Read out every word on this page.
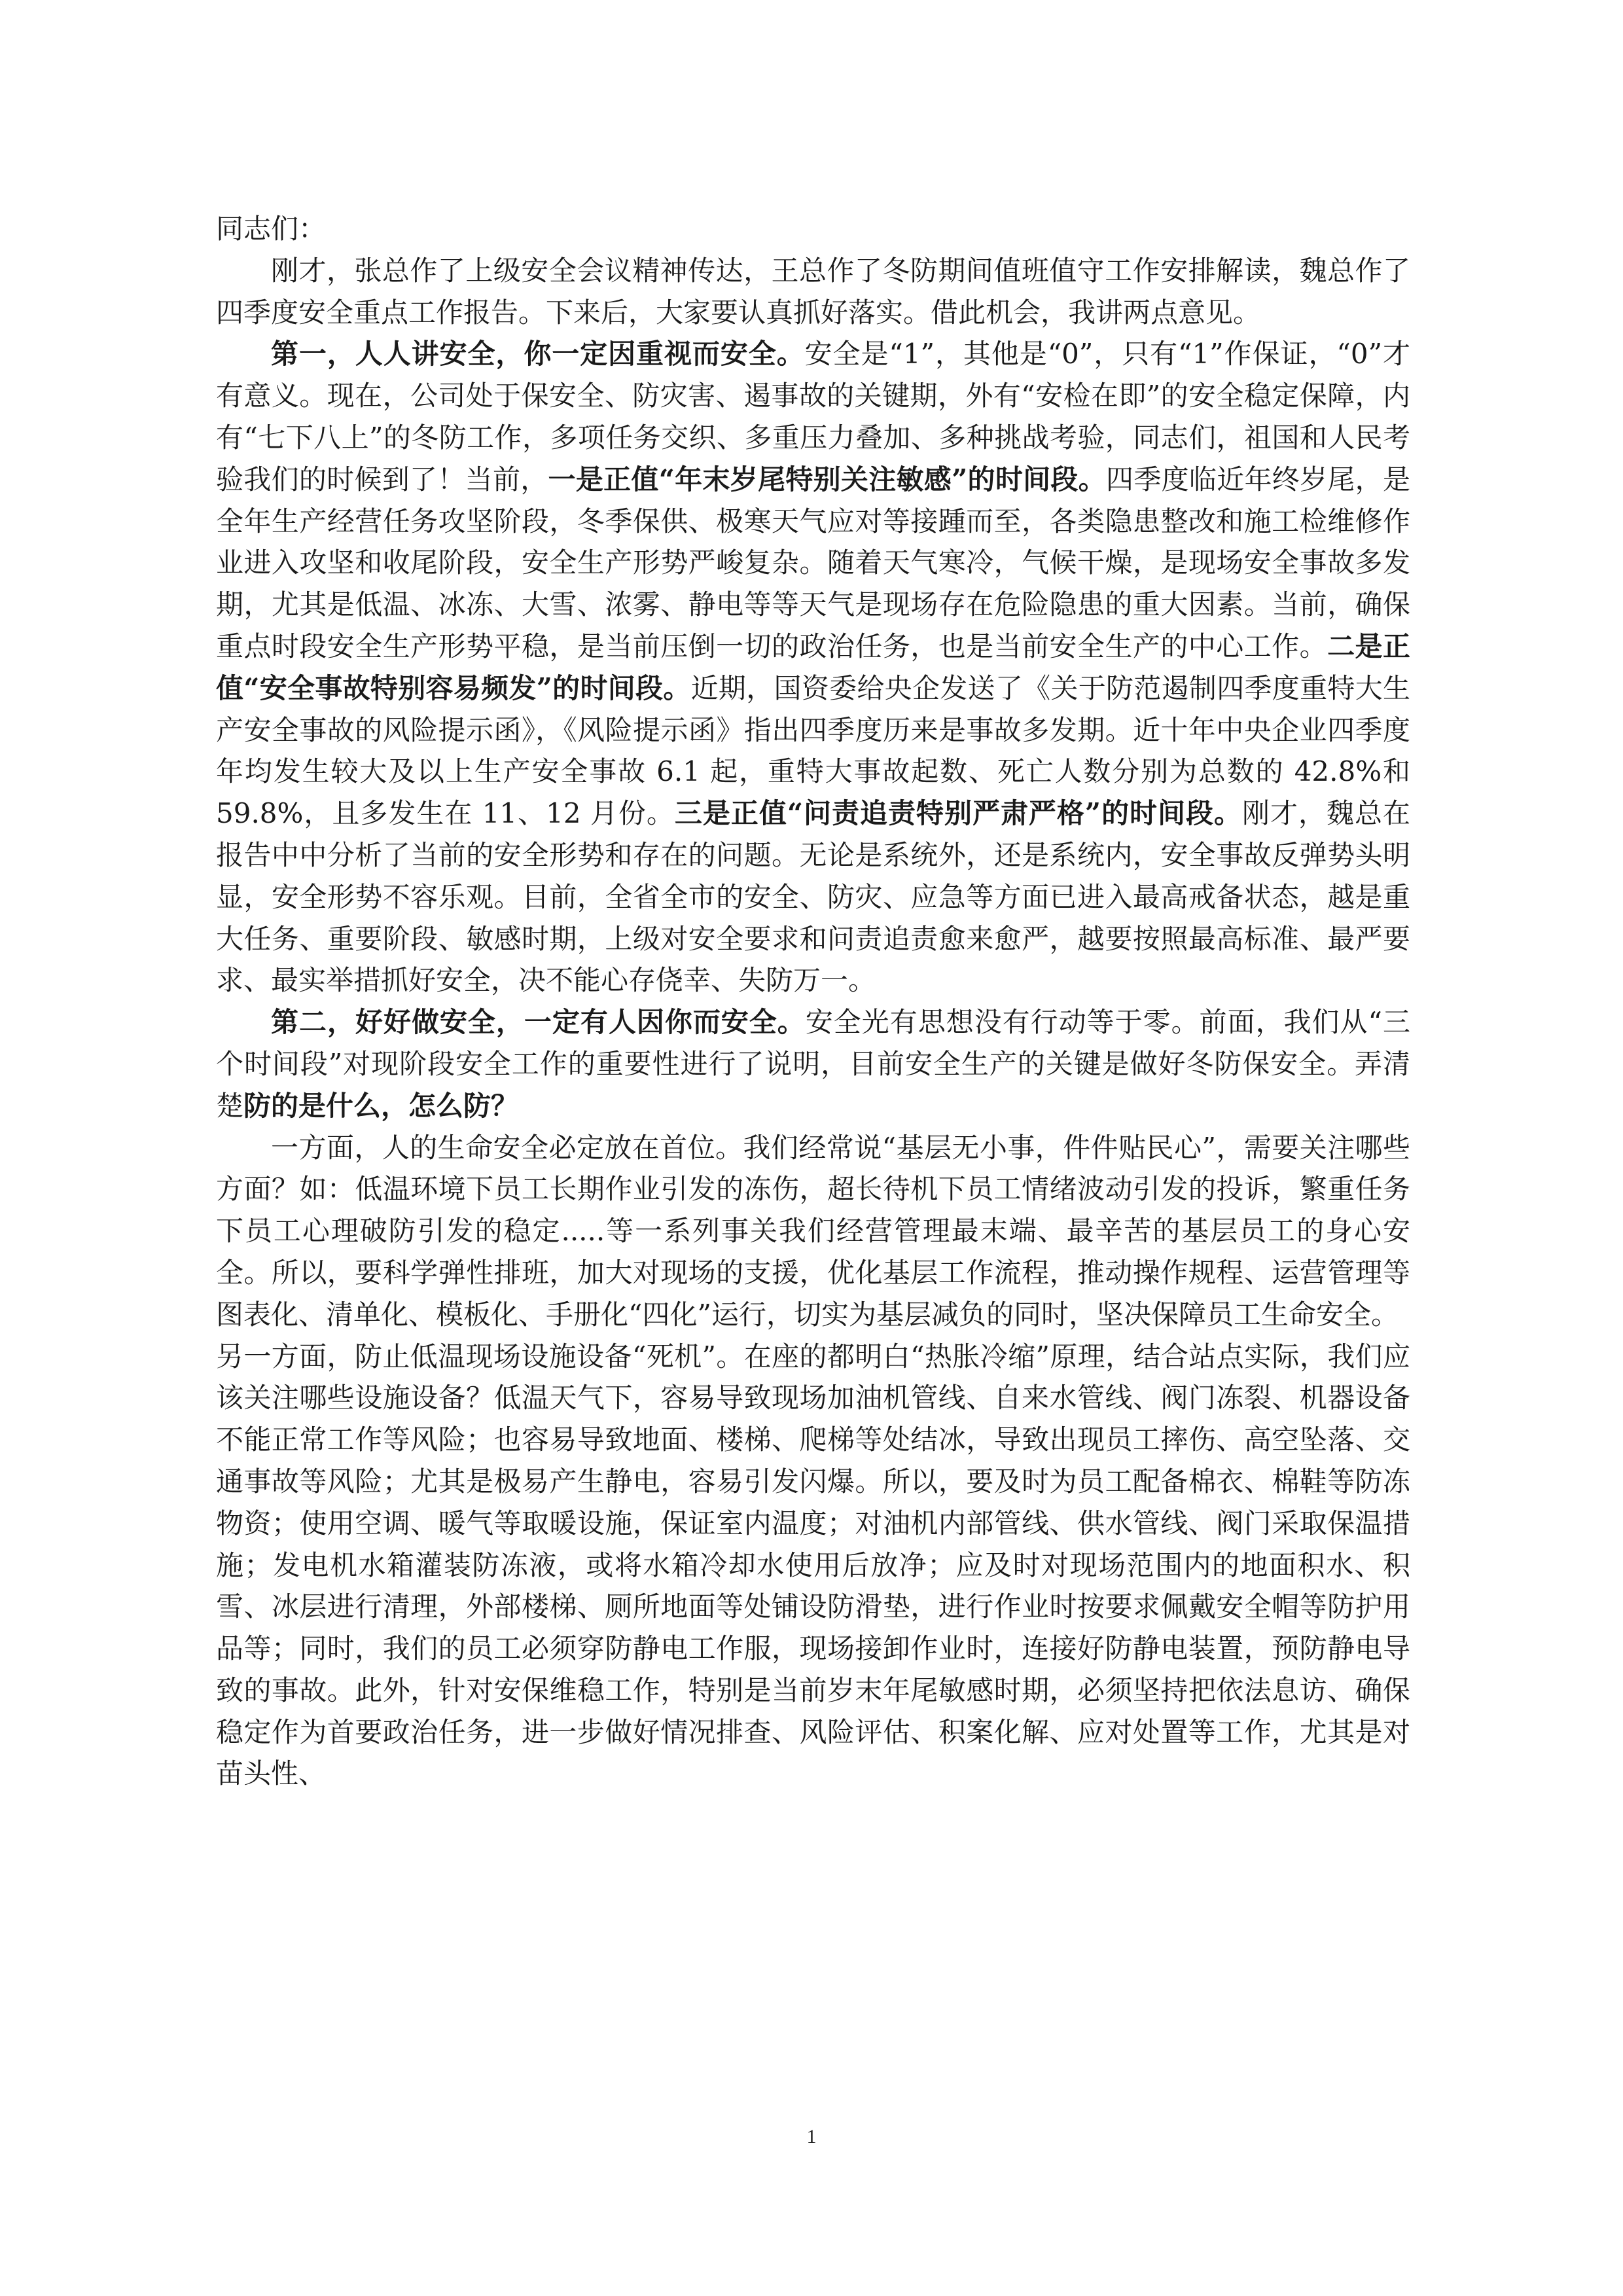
同志们：

刚才，张总作了上级安全会议精神传达，王总作了冬防期间值班值守工作安排解读，魏总作了四季度安全重点工作报告。下来后，大家要认真抓好落实。借此机会，我讲两点意见。

第一，人人讲安全，你一定因重视而安全。安全是“1”，其他是“0”，只有“1”作保证，“0”才有意义。现在，公司处于保安全、防灾害、遏事故的关键期，外有“安检在即”的安全稳定保障，内有“七下八上”的冬防工作，多项任务交织、多重压力叠加、多种挑战考验，同志们，祖国和人民考验我们的时候到了！当前，一是正值“年末岁尾特别关注敏感”的时间段。四季度临近年终岁尾，是全年生产经营任务攻坚阶段，冬季保供、极寒天气应对等接踵而至，各类隐患整改和施工检维修作业进入攻坚和收尾阶段，安全生产形势严峻复杂。随着天气寒冷，气候干燥，是现场安全事故多发期，尤其是低温、冰冻、大雪、浓雾、静电等等天气是现场存在危险隐患的重大因素。当前，确保重点时段安全生产形势平稳，是当前压倒一切的政治任务，也是当前安全生产的中心工作。二是正值“安全事故特别容易频发”的时间段。近期，国资委给央企发送了《关于防范遏制四季度重特大生产安全事故的风险提示函》，《风险提示函》指出四季度历来是事故多发期。近十年中央企业四季度年均发生较大及以上生产安全事故 6.1 起，重特大事故起数、死亡人数分别为总数的 42.8%和 59.8%，且多发生在 11、12 月份。三是正值“问责追责特别严肃严格”的时间段。刚才，魏总在报告中中分析了当前的安全形势和存在的问题。无论是系统外，还是系统内，安全事故反弹势头明显，安全形势不容乐观。目前，全省全市的安全、防灾、应急等方面已进入最高戒备状态，越是重大任务、重要阶段、敏感时期，上级对安全要求和问责追责愈来愈严，越要按照最高标准、最严要求、最实举措抓好安全，决不能心存侥幸、失防万一。

第二，好好做安全，一定有人因你而安全。安全光有思想没有行动等于零。前面，我们从“三个时间段”对现阶段安全工作的重要性进行了说明，目前安全生产的关键是做好冬防保安全。弄清楚防的是什么，怎么防？

一方面，人的生命安全必定放在首位。我们经常说“基层无小事，件件贴民心”，需要关注哪些方面？如：低温环境下员工长期作业引发的冻伤，超长待机下员工情绪波动引发的投诉，繁重任务下员工心理破防引发的稳定.....等一系列事关我们经营管理最末端、最辛苦的基层员工的身心安全。所以，要科学弹性排班，加大对现场的支援，优化基层工作流程，推动操作规程、运营管理等图表化、清单化、模板化、手册化“四化”运行，切实为基层减负的同时，坚决保障员工生命安全。

另一方面，防止低温现场设施设备“死机”。在座的都明白“热胀冷缩”原理，结合站点实际，我们应该关注哪些设施设备？低温天气下，容易导致现场加油机管线、自来水管线、阀门冻裂、机器设备不能正常工作等风险；也容易导致地面、楼梯、爬梯等处结冰，导致出现员工摔伤、高空坠落、交通事故等风险；尤其是极易产生静电，容易引发闪爆。所以，要及时为员工配备棉衣、棉鞋等防冻物资；使用空调、暖气等取暖设施，保证室内温度；对油机内部管线、供水管线、阀门采取保温措施；发电机水箱灌装防冻液，或将水箱冷却水使用后放净；应及时对现场范围内的地面积水、积雪、冰层进行清理，外部楼梯、厕所地面等处铺设防滑垫，进行作业时按要求佩戴安全帽等防护用品等；同时，我们的员工必须穿防静电工作服，现场接卸作业时，连接好防静电装置，预防静电导致的事故。此外，针对安保维稳工作，特别是当前岁末年尾敏感时期，必须坚持把依法息访、确保稳定作为首要政治任务，进一步做好情况排查、风险评估、积案化解、应对处置等工作，尤其是对苗头性、

1
